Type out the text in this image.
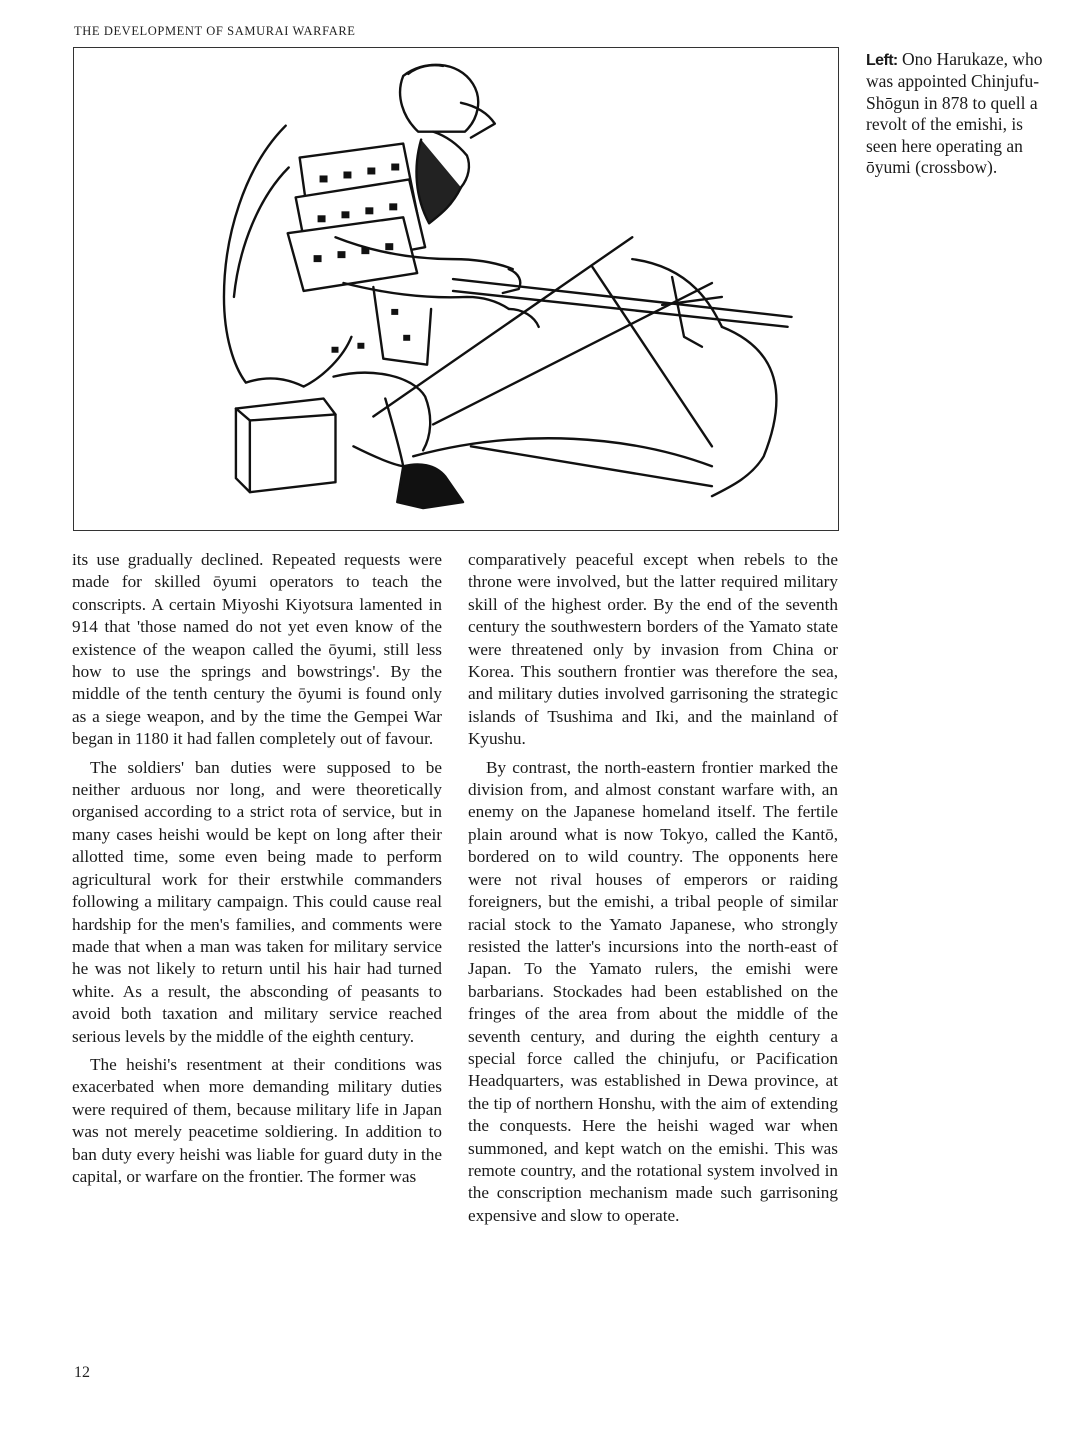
THE DEVELOPMENT OF SAMURAI WARFARE
Left: Ono Harukaze, who was appointed Chinjufu-Shōgun in 878 to quell a revolt of the emishi, is seen here operating an ōyumi (crossbow).

its use gradually declined. Repeated requests were made for skilled ōyumi operators to teach the conscripts. A certain Miyoshi Kiyotsura lamented in 914 that 'those named do not yet even know of the existence of the weapon called the ōyumi, still less how to use the springs and bowstrings'. By the middle of the tenth century the ōyumi is found only as a siege weapon, and by the time the Gempei War began in 1180 it had fallen completely out of favour.

The soldiers' ban duties were supposed to be neither arduous nor long, and were theoretically organised according to a strict rota of service, but in many cases heishi would be kept on long after their allotted time, some even being made to perform agricultural work for their erstwhile commanders following a military campaign. This could cause real hardship for the men's families, and comments were made that when a man was taken for military service he was not likely to return until his hair had turned white. As a result, the absconding of peasants to avoid both taxation and military service reached serious levels by the middle of the eighth century.

The heishi's resentment at their conditions was exacerbated when more demanding military duties were required of them, because military life in Japan was not merely peacetime soldiering. In addition to ban duty every heishi was liable for guard duty in the capital, or warfare on the frontier. The former was

comparatively peaceful except when rebels to the throne were involved, but the latter required military skill of the highest order. By the end of the seventh century the southwestern borders of the Yamato state were threatened only by invasion from China or Korea. This southern frontier was therefore the sea, and military duties involved garrisoning the strategic islands of Tsushima and Iki, and the mainland of Kyushu.

By contrast, the north-eastern frontier marked the division from, and almost constant warfare with, an enemy on the Japanese homeland itself. The fertile plain around what is now Tokyo, called the Kantō, bordered on to wild country. The opponents here were not rival houses of emperors or raiding foreigners, but the emishi, a tribal people of similar racial stock to the Yamato Japanese, who strongly resisted the latter's incursions into the north-east of Japan. To the Yamato rulers, the emishi were barbarians. Stockades had been established on the fringes of the area from about the middle of the seventh century, and during the eighth century a special force called the chinjufu, or Pacification Headquarters, was established in Dewa province, at the tip of northern Honshu, with the aim of extending the conquests. Here the heishi waged war when summoned, and kept watch on the emishi. This was remote country, and the rotational system involved in the conscription mechanism made such garrisoning expensive and slow to operate.

12
